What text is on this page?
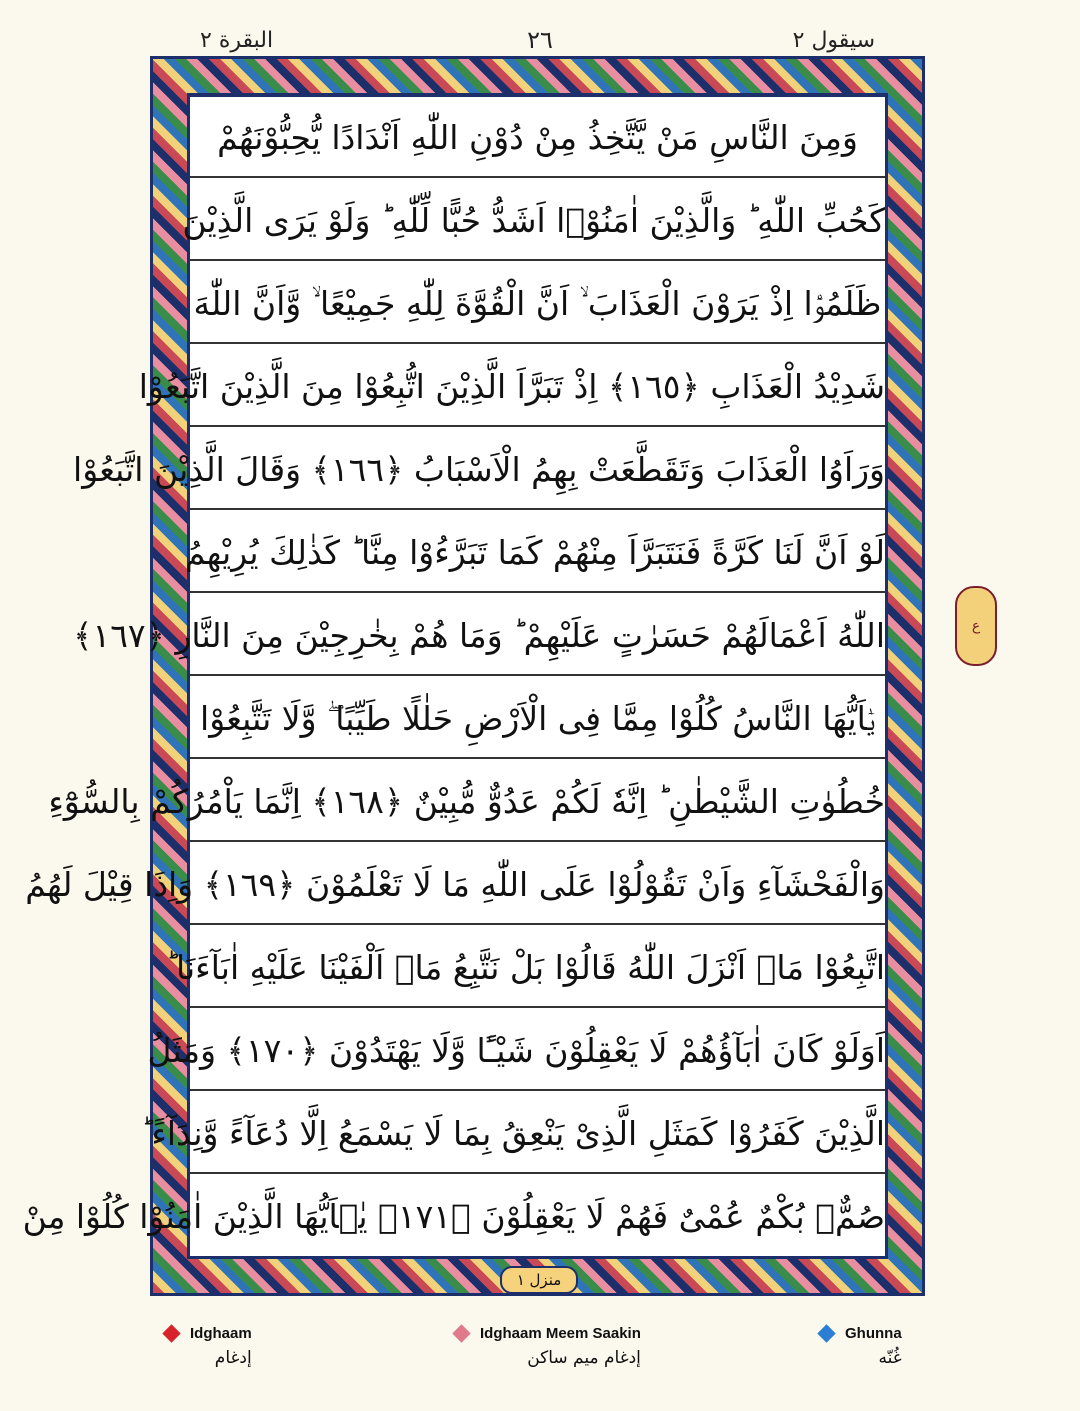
سيقول ٢
٢٦
البقرة ٢
وَمِنَ النَّاسِ مَنْ يَّتَّخِذُ مِنْ دُوْنِ اللّٰهِ اَنْدَادًا يُّحِبُّوْنَهُمْ
كَحُبِّ اللّٰهِ ؕ وَالَّذِيْنَ اٰمَنُوْۤا اَشَدُّ حُبًّا لِّلّٰهِ ؕ وَلَوْ يَرَى الَّذِيْنَ
ظَلَمُوْۤا اِذْ يَرَوْنَ الْعَذَابَ ۙ اَنَّ الْقُوَّةَ لِلّٰهِ جَمِيْعًا ۙ وَّاَنَّ اللّٰهَ
شَدِيْدُ الْعَذَابِ ﴿١٦٥﴾ اِذْ تَبَرَّاَ الَّذِيْنَ اتُّبِعُوْا مِنَ الَّذِيْنَ اتَّبَعُوْا
وَرَاَوُا الْعَذَابَ وَتَقَطَّعَتْ بِهِمُ الْاَسْبَابُ ﴿١٦٦﴾ وَقَالَ الَّذِيْنَ اتَّبَعُوْا
لَوْ اَنَّ لَنَا كَرَّةً فَنَتَبَرَّاَ مِنْهُمْ كَمَا تَبَرَّءُوْا مِنَّا ؕ كَذٰلِكَ يُرِيْهِمُ
اللّٰهُ اَعْمَالَهُمْ حَسَرٰتٍ عَلَيْهِمْ ؕ وَمَا هُمْ بِخٰرِجِيْنَ مِنَ النَّارِ ﴿١٦٧﴾
يٰۤاَيُّهَا النَّاسُ كُلُوْا مِمَّا فِى الْاَرْضِ حَلٰلًا طَيِّبًا ۖ وَّلَا تَتَّبِعُوْا
خُطُوٰتِ الشَّيْطٰنِ ؕ اِنَّهٗ لَكُمْ عَدُوٌّ مُّبِيْنٌ ﴿١٦٨﴾ اِنَّمَا يَاْمُرُكُمْ بِالسُّوْٓءِ
وَالْفَحْشَآءِ وَاَنْ تَقُوْلُوْا عَلَى اللّٰهِ مَا لَا تَعْلَمُوْنَ ﴿١٦٩﴾ وَاِذَا قِيْلَ لَهُمُ
اتَّبِعُوْا مَاۤ اَنْزَلَ اللّٰهُ قَالُوْا بَلْ نَتَّبِعُ مَاۤ اَلْفَيْنَا عَلَيْهِ اٰبَآءَنَا ؕ
اَوَلَوْ كَانَ اٰبَآؤُهُمْ لَا يَعْقِلُوْنَ شَيْـًٔا وَّلَا يَهْتَدُوْنَ ﴿١٧٠﴾ وَمَثَلُ
الَّذِيْنَ كَفَرُوْا كَمَثَلِ الَّذِىْ يَنْعِقُ بِمَا لَا يَسْمَعُ اِلَّا دُعَآءً وَّنِدَآءً ؕ
صُمٌّۢ بُكْمٌ عُمْىٌ فَهُمْ لَا يَعْقِلُوْنَ ﴿١٧١﴾ يٰۤاَيُّهَا الَّذِيْنَ اٰمَنُوْا كُلُوْا مِنْ
منزل ١
ع
Idghaam
إدغام
Idghaam Meem Saakin
إدغام ميم ساكن
Ghunna
غُنّه
